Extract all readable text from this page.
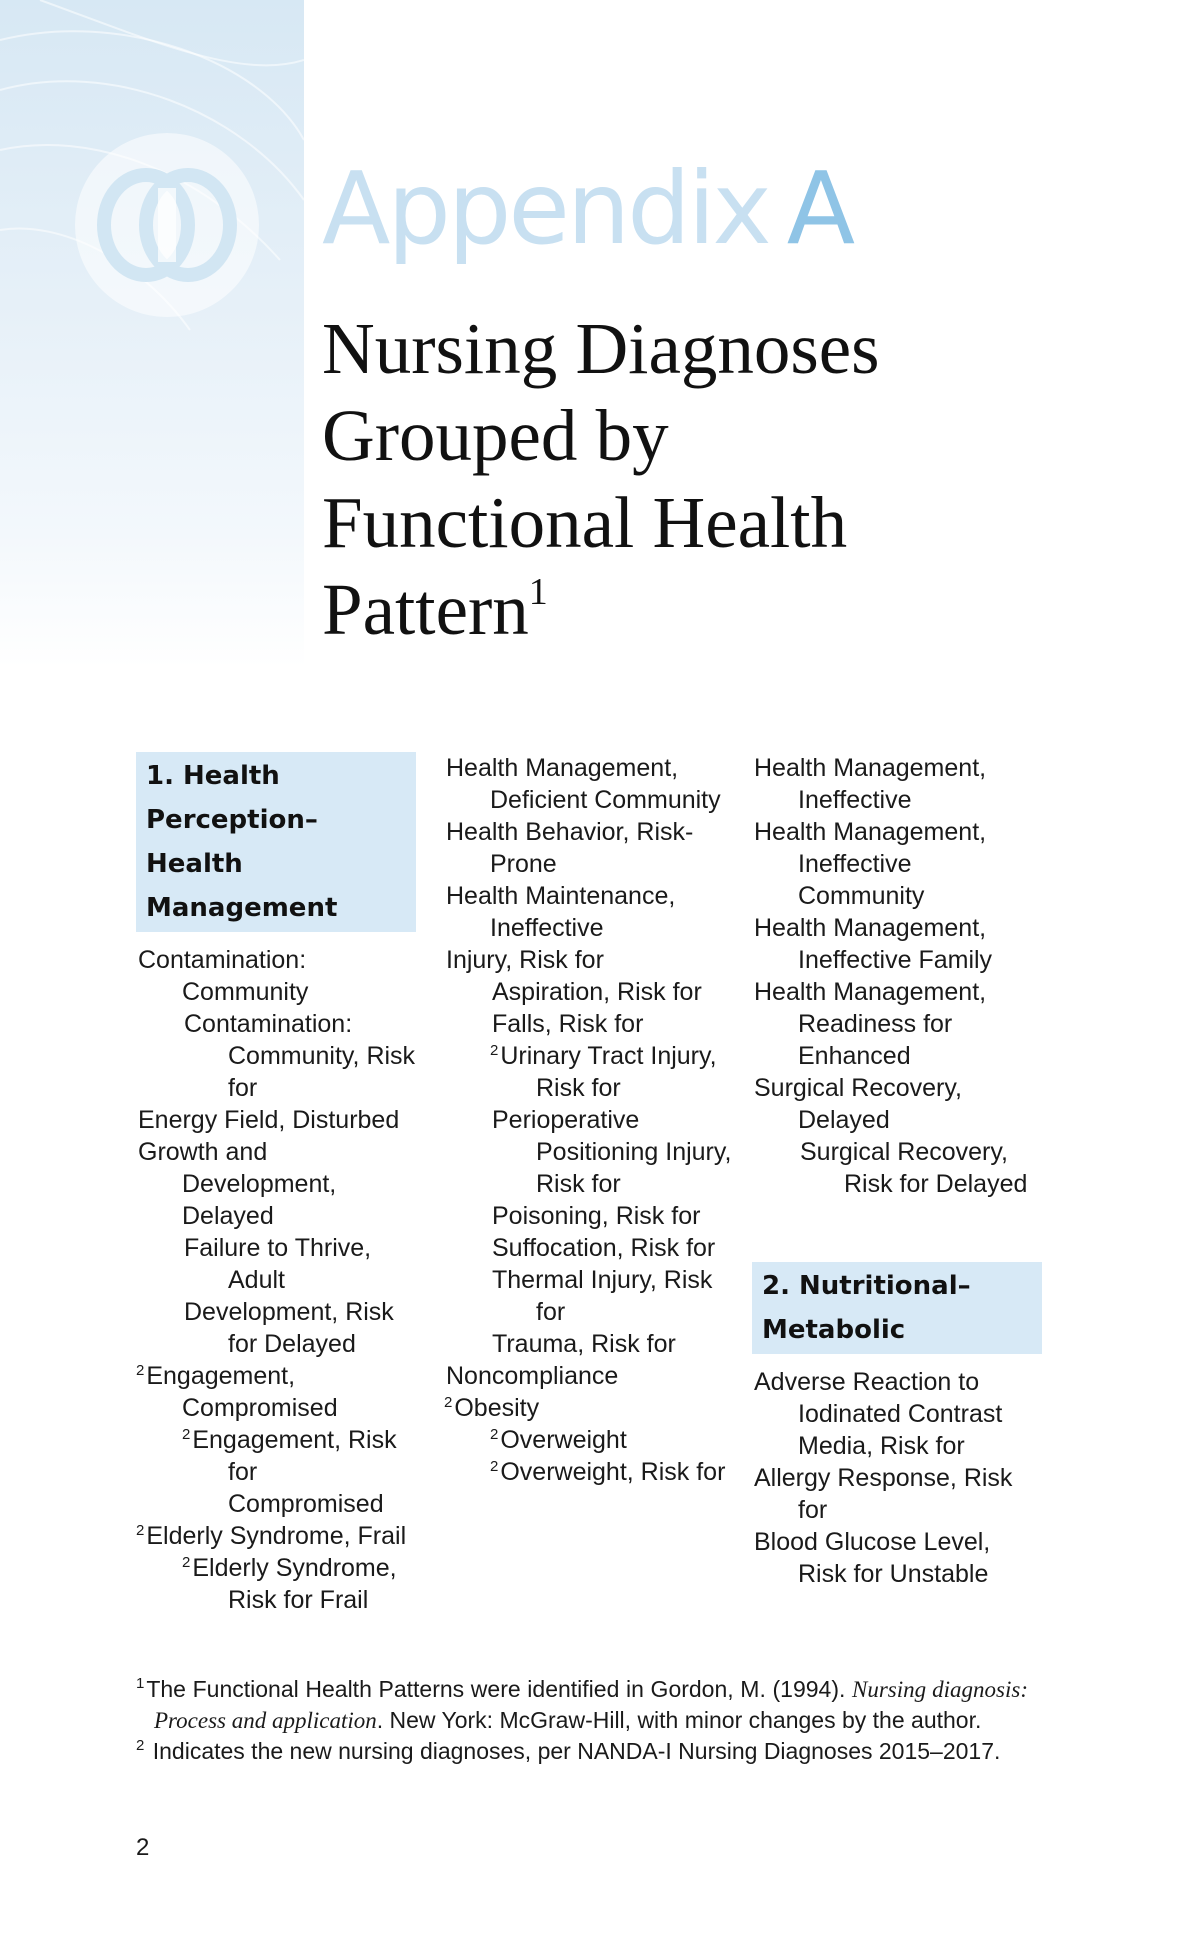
Appendix A
Nursing Diagnoses
Grouped by
Functional Health
Pattern$^1$
1. Health
Perception–Health
Management

Contamination: Community

Contamination: Community, Risk for

Energy Field, Disturbed

Growth and Development, Delayed

Failure to Thrive, Adult

Development, Risk for Delayed

$^2$Engagement, Compromised

$^2$Engagement, Risk for Compromised

$^2$Elderly Syndrome, Frail

$^2$Elderly Syndrome, Risk for Frail

Health Management, Deficient Community

Health Behavior, Risk-Prone

Health Maintenance, Ineffective

Injury, Risk for

Aspiration, Risk for

Falls, Risk for

$^2$Urinary Tract Injury, Risk for

Perioperative Positioning Injury,

Risk for

Poisoning, Risk for

Suffocation, Risk for

Thermal Injury, Risk for

Trauma, Risk for

Noncompliance

$^2$Obesity

$^2$Overweight

$^2$Overweight, Risk for

Health Management, Ineffective

Health Management, Ineffective Community

Health Management, Ineffective Family

Health Management, Readiness for Enhanced

Surgical Recovery, Delayed

Surgical Recovery, Risk for Delayed

2. Nutritional–
Metabolic

Adverse Reaction to Iodinated Contrast Media, Risk for

Allergy Response, Risk for

Blood Glucose Level, Risk for Unstable

$^1$The Functional Health Patterns were identified in Gordon, M. (1994). Nursing diagnosis: Process and application. New York: McGraw-Hill, with minor changes by the author.

$^2$ Indicates the new nursing diagnoses, per NANDA-I Nursing Diagnoses 2015–2017.

2
